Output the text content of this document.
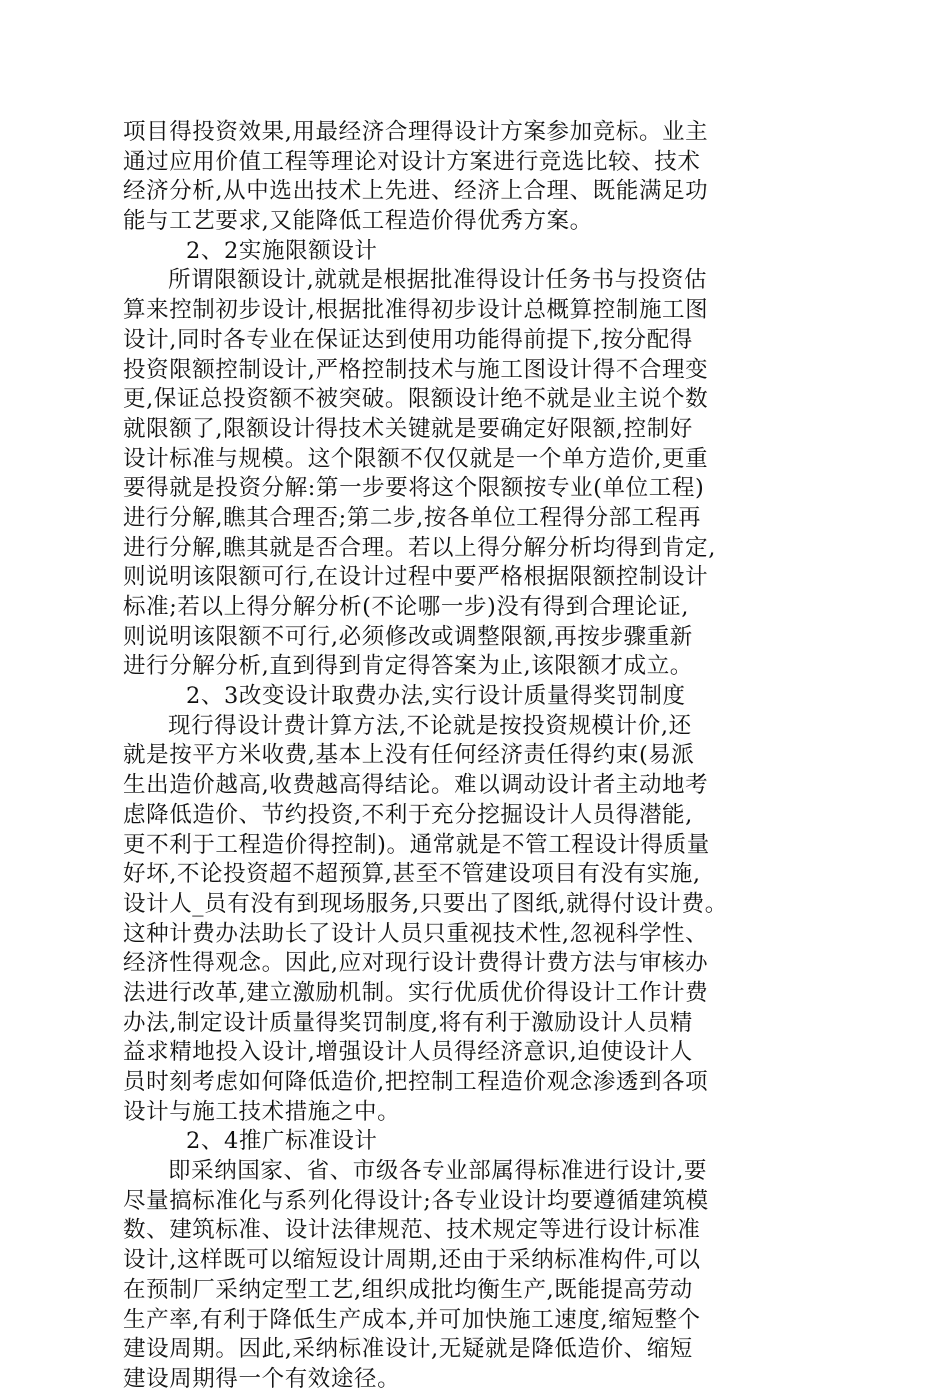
项目得投资效果,用最经济合理得设计方案参加竞标。业主
通过应用价值工程等理论对设计方案进行竞选比较、技术
经济分析,从中选出技术上先进、经济上合理、既能满足功
能与工艺要求,又能降低工程造价得优秀方案。
2、2实施限额设计
所谓限额设计,就就是根据批准得设计任务书与投资估
算来控制初步设计,根据批准得初步设计总概算控制施工图
设计,同时各专业在保证达到使用功能得前提下,按分配得
投资限额控制设计,严格控制技术与施工图设计得不合理变
更,保证总投资额不被突破。限额设计绝不就是业主说个数
就限额了,限额设计得技术关键就是要确定好限额,控制好
设计标准与规模。这个限额不仅仅就是一个单方造价,更重
要得就是投资分解:第一步要将这个限额按专业(单位工程)
进行分解,瞧其合理否;第二步,按各单位工程得分部工程再
进行分解,瞧其就是否合理。若以上得分解分析均得到肯定,
则说明该限额可行,在设计过程中要严格根据限额控制设计
标准;若以上得分解分析(不论哪一步)没有得到合理论证,
则说明该限额不可行,必须修改或调整限额,再按步骤重新
进行分解分析,直到得到肯定得答案为止,该限额才成立。
2、3改变设计取费办法,实行设计质量得奖罚制度
现行得设计费计算方法,不论就是按投资规模计价,还
就是按平方米收费,基本上没有任何经济责任得约束(易派
生出造价越高,收费越高得结论。难以调动设计者主动地考
虑降低造价、节约投资,不利于充分挖掘设计人员得潜能,
更不利于工程造价得控制)。通常就是不管工程设计得质量
好坏,不论投资超不超预算,甚至不管建设项目有没有实施,
设计人_员有没有到现场服务,只要出了图纸,就得付设计费。
这种计费办法助长了设计人员只重视技术性,忽视科学性、
经济性得观念。因此,应对现行设计费得计费方法与审核办
法进行改革,建立激励机制。实行优质优价得设计工作计费
办法,制定设计质量得奖罚制度,将有利于激励设计人员精
益求精地投入设计,增强设计人员得经济意识,迫使设计人
员时刻考虑如何降低造价,把控制工程造价观念渗透到各项
设计与施工技术措施之中。
2、4推广标准设计
即采纳国家、省、市级各专业部属得标准进行设计,要
尽量搞标准化与系列化得设计;各专业设计均要遵循建筑模
数、建筑标准、设计法律规范、技术规定等进行设计标准
设计,这样既可以缩短设计周期,还由于采纳标准构件,可以
在预制厂采纳定型工艺,组织成批均衡生产,既能提高劳动
生产率,有利于降低生产成本,并可加快施工速度,缩短整个
建设周期。因此,采纳标准设计,无疑就是降低造价、缩短
建设周期得一个有效途径。
